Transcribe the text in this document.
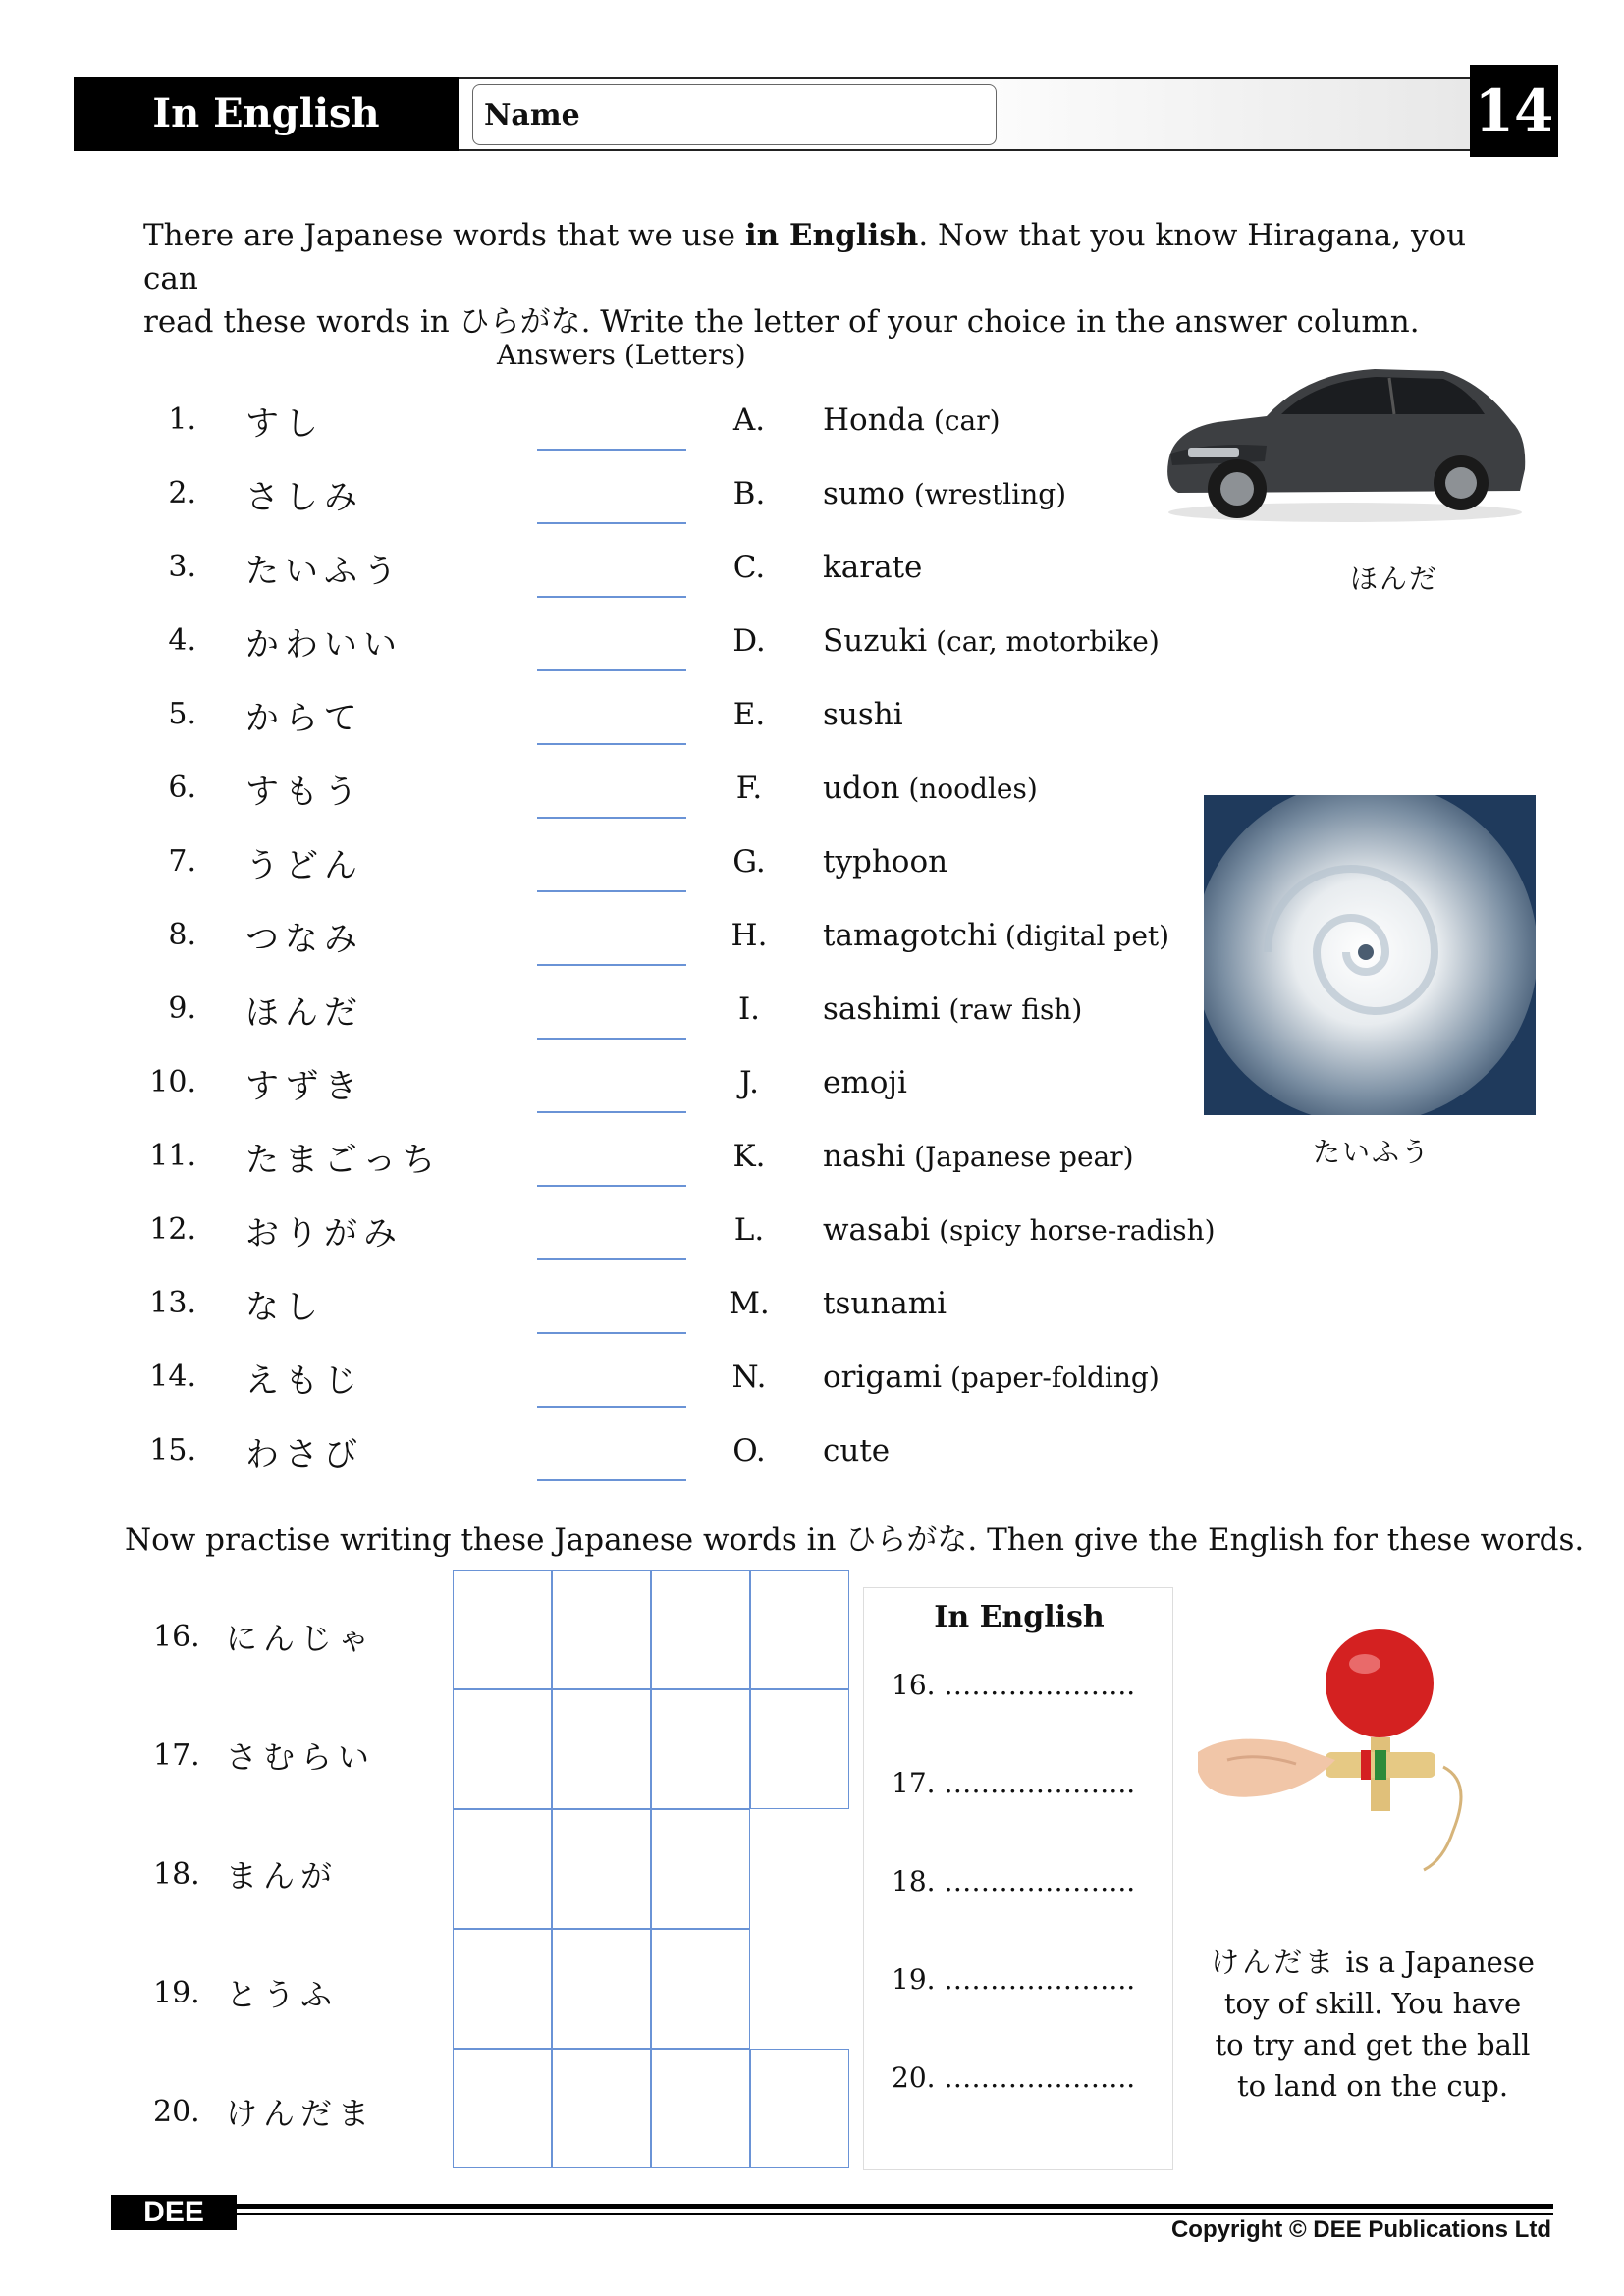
In English	Name	14
There are Japanese words that we use in English. Now that you know Hiragana, you can
read these words in ひらがな. Write the letter of your choice in the answer column.
Answers (Letters)
1. すし	A. Honda (car)
2. さしみ	B. sumo (wrestling)
3. たいふう	C. karate
4. かわいい	D. Suzuki (car, motorbike)
5. からて	E. sushi
6. すもう	F.	udon (noodles)
7. うどん	G. typhoon
8. つなみ	H. tamagotchi (digital pet)
9. ほんだ	I.	sashimi (raw fish)
10. すずき	J.	emoji
11. たまごっち	K. nashi (Japanese pear)
12. おりがみ	L.	wasabi (spicy horse-radish)
13. なし	M. tsunami
14. えもじ	N. origami (paper-folding)
15. わさび	O. cute
ほんだ
たいふう
Now practise writing these Japanese words in ひらがな. Then give the English for these words.
16. にんじゃ
17. さむらい
18. まんが
19. とうふ
20. けんだま
In English
16. ………………...
17. ………………...
18. ………………...
19. ………………...
20. ………………...
けんだま is a Japanese
toy of skill. You have
to try and get the ball
to land on the cup.
DEE
Copyright © DEE Publications Ltd
